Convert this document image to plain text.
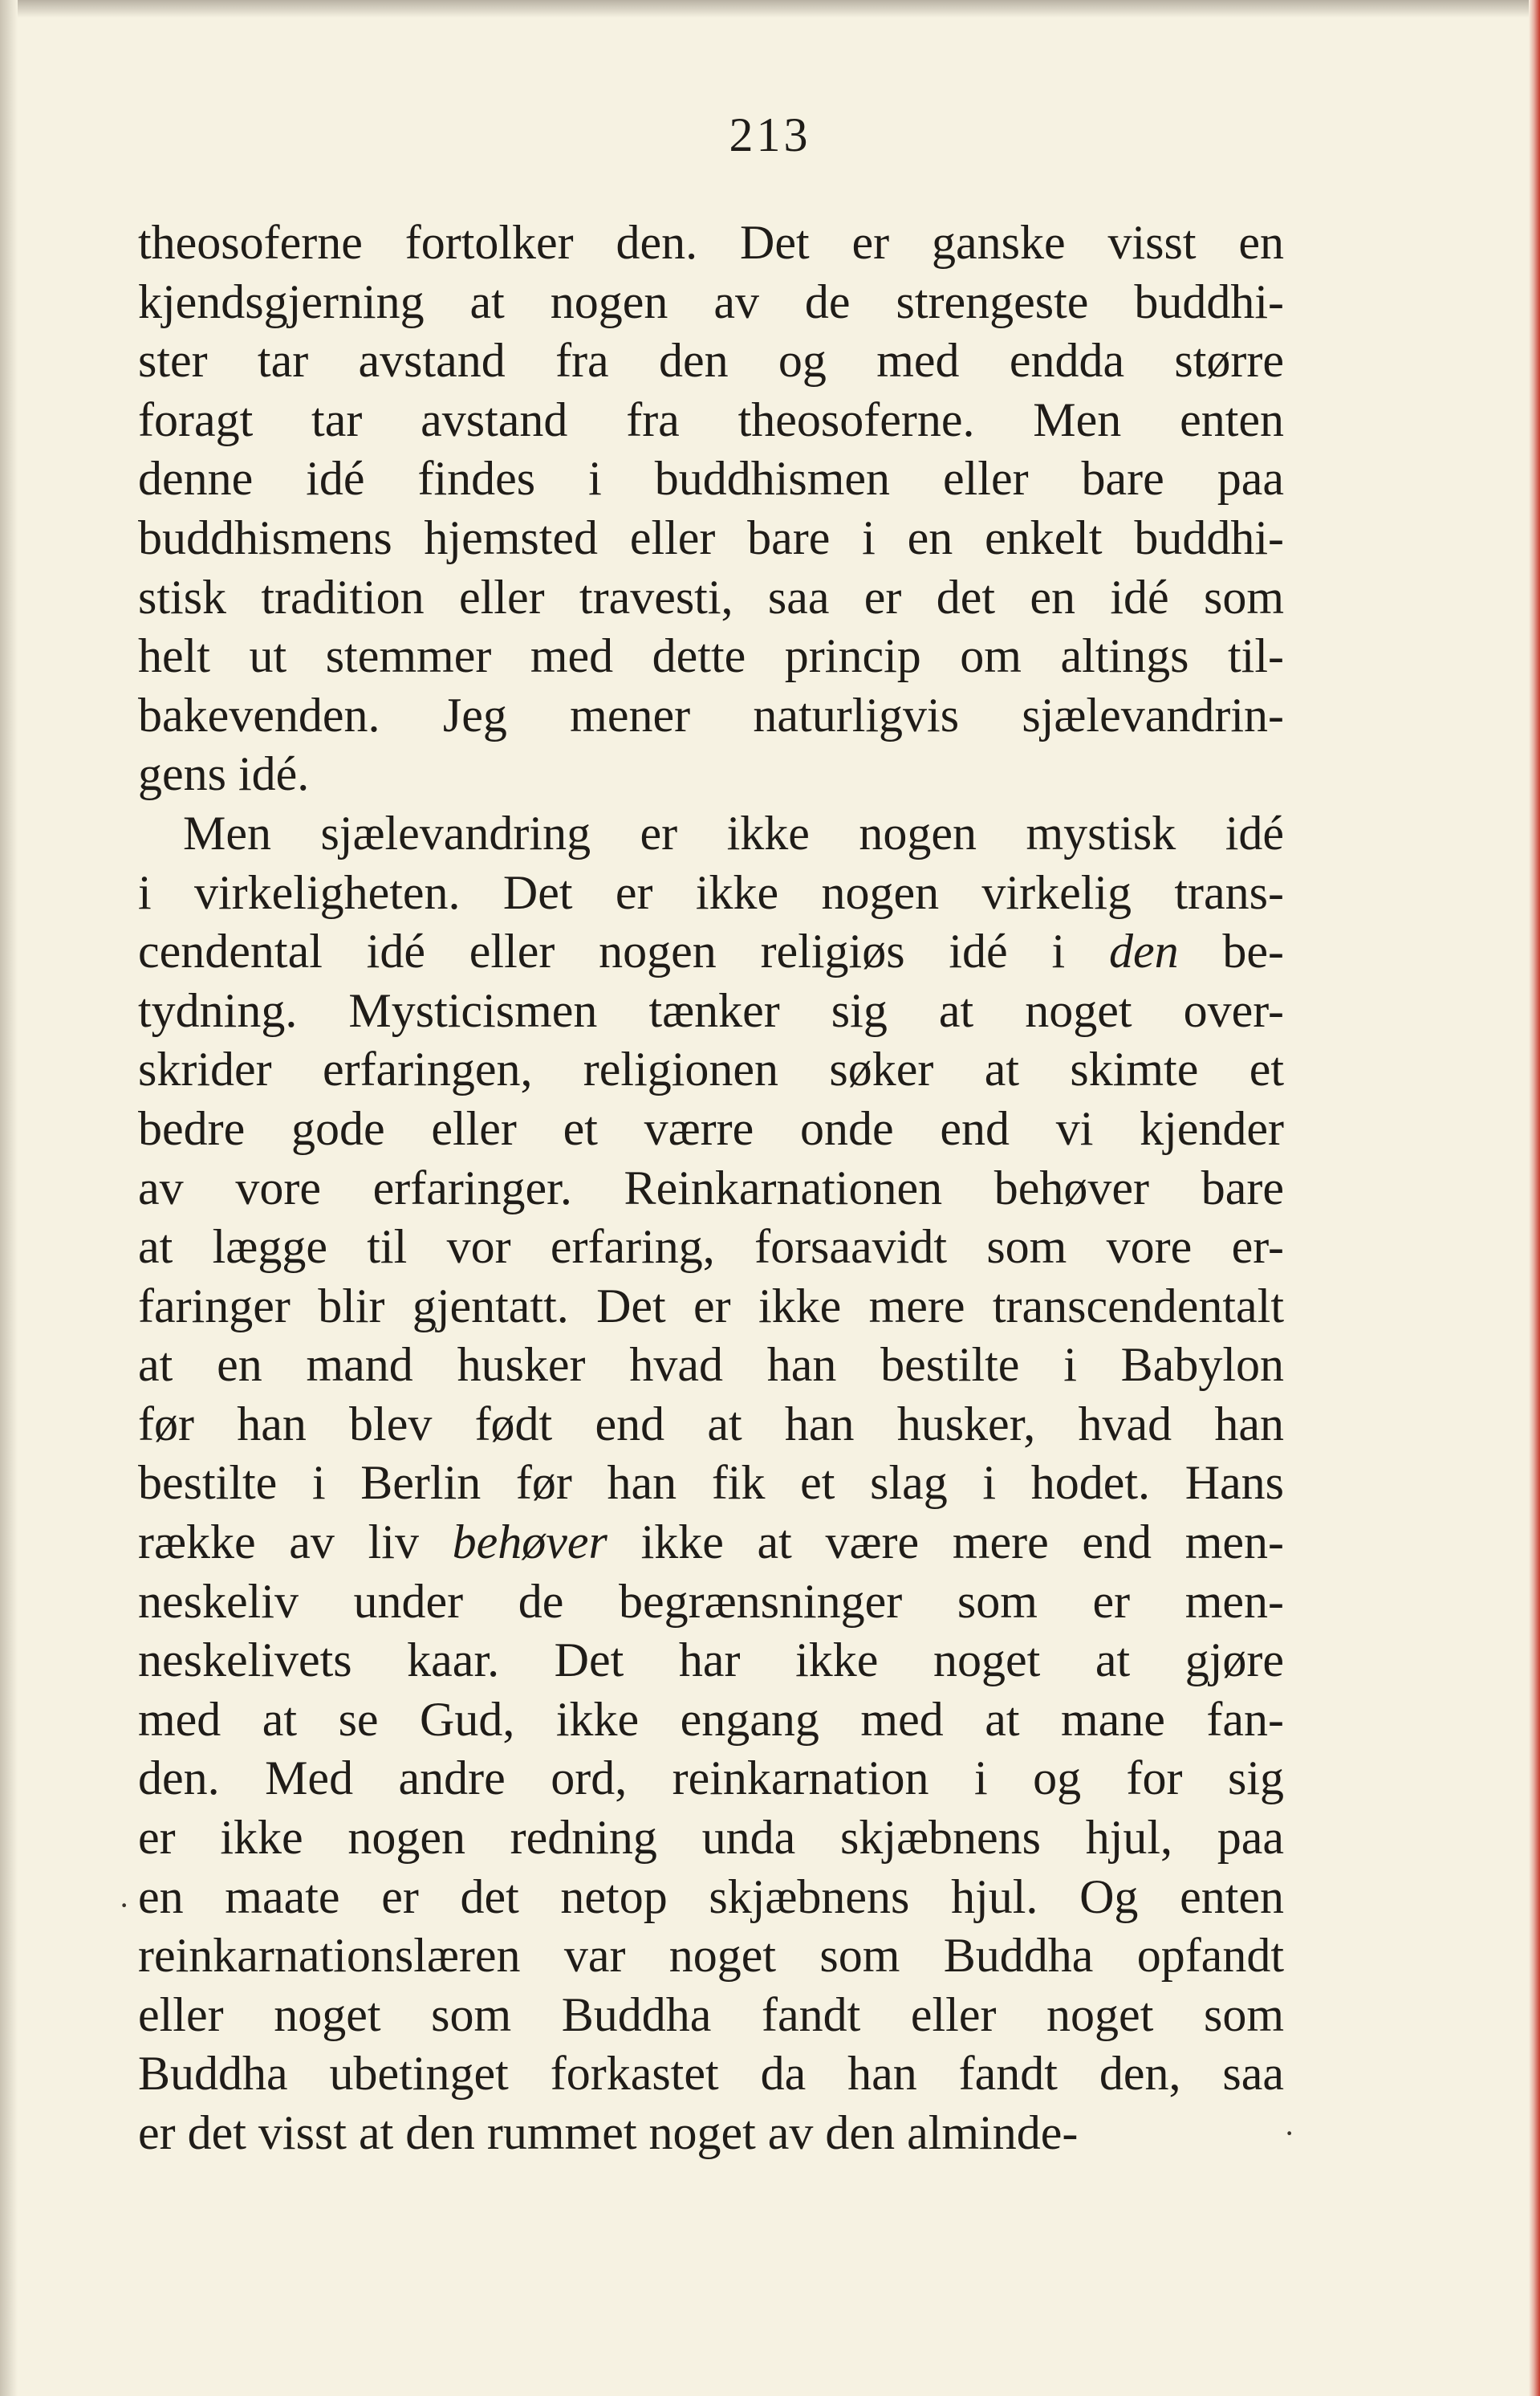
213
theosoferne fortolker den. Det er ganske visst en
kjendsgjerning at nogen av de strengeste buddhi-
ster tar avstand fra den og med endda større
foragt tar avstand fra theosoferne. Men enten
denne idé findes i buddhismen eller bare paa
buddhismens hjemsted eller bare i en enkelt buddhi-
stisk tradition eller travesti, saa er det en idé som
helt ut stemmer med dette princip om altings til-
bakevenden. Jeg mener naturligvis sjælevandrin-
gens idé.
Men sjælevandring er ikke nogen mystisk idé
i virkeligheten. Det er ikke nogen virkelig trans-
cendental idé eller nogen religiøs idé i den be-
tydning. Mysticismen tænker sig at noget over-
skrider erfaringen, religionen søker at skimte et
bedre gode eller et værre onde end vi kjender
av vore erfaringer. Reinkarnationen behøver bare
at lægge til vor erfaring, forsaavidt som vore er-
faringer blir gjentatt. Det er ikke mere transcendentalt
at en mand husker hvad han bestilte i Babylon
før han blev født end at han husker, hvad han
bestilte i Berlin før han fik et slag i hodet. Hans
række av liv behøver ikke at være mere end men-
neskeliv under de begrænsninger som er men-
neskelivets kaar. Det har ikke noget at gjøre
med at se Gud, ikke engang med at mane fan-
den. Med andre ord, reinkarnation i og for sig
er ikke nogen redning unda skjæbnens hjul, paa
en maate er det netop skjæbnens hjul. Og enten
reinkarnationslæren var noget som Buddha opfandt
eller noget som Buddha fandt eller noget som
Buddha ubetinget forkastet da han fandt den, saa
er det visst at den rummet noget av den alminde-
·
·
